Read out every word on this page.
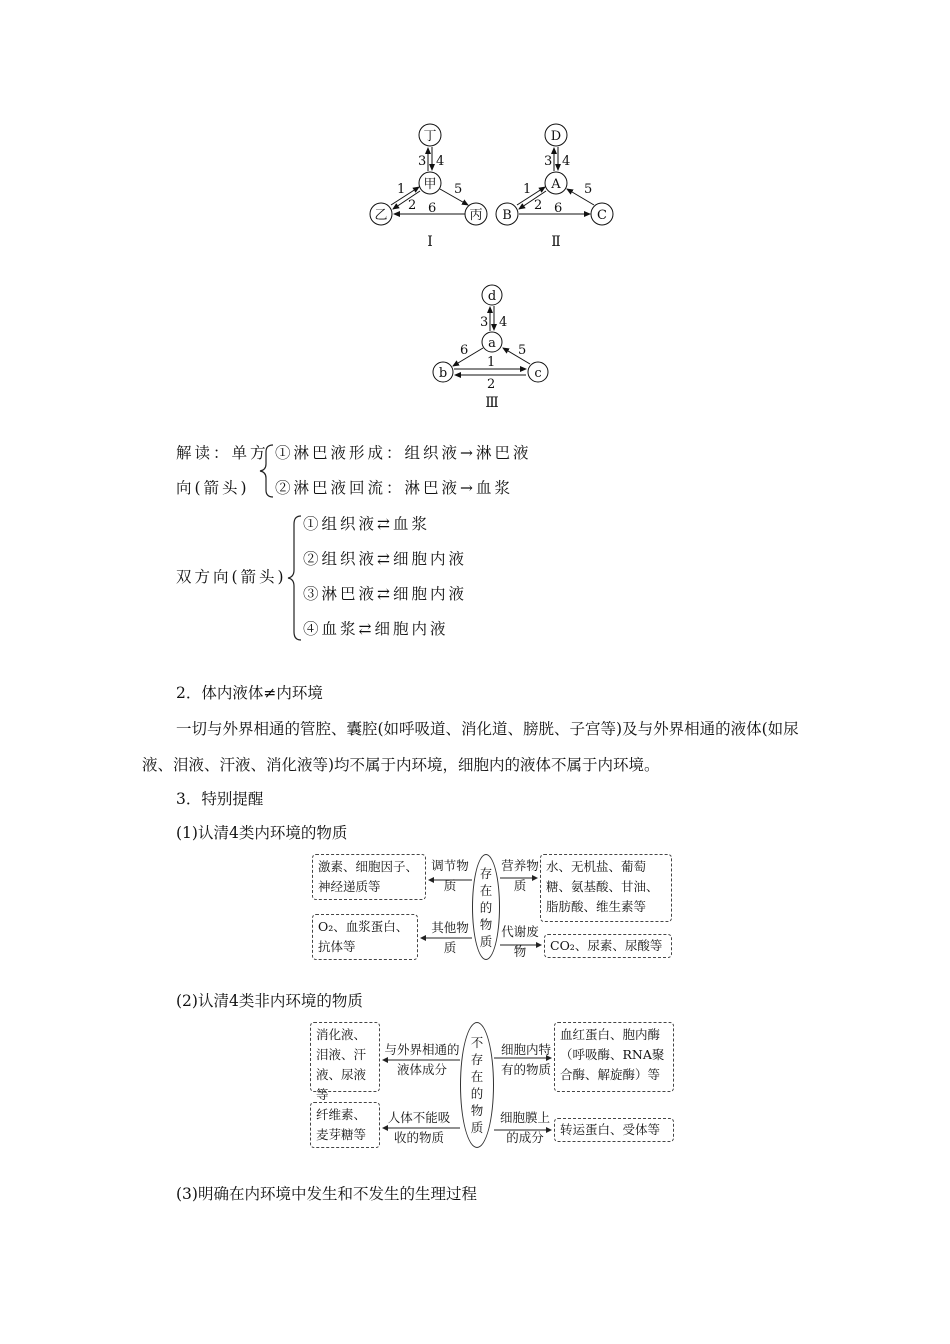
丁
甲
乙	丙
3 4
1
2
5
6
Ⅰ
D
A
B	C
3 4
1
2
5
6
Ⅱ
d
a
b	c
3 4
6	5
1
2
Ⅲ
解读：单方
向(箭头)
①淋巴液形成：组织液→淋巴液
②淋巴液回流：淋巴液→血浆
双方向(箭头)
①组织液⇄血浆
②组织液⇄细胞内液
③淋巴液⇄细胞内液
④血浆⇄细胞内液
2．体内液体≠内环境
一切与外界相通的管腔、囊腔(如呼吸道、消化道、膀胱、子宫等)及与外界相通的液体(如尿液、泪液、汗液、消化液等)均不属于内环境，细胞内的液体不属于内环境。
3．特别提醒
(1)认清4类内环境的物质
激素、细胞因子、神经递质等
水、无机盐、葡萄糖、氨基酸、甘油、脂肪酸、维生素等
O₂、血浆蛋白、抗体等	CO₂、尿素、尿酸等
存在的物质
调节物质
营养物质
其他物质
代谢废物
(2)认清4类非内环境的物质
消化液、泪液、汗液、尿液等
血红蛋白、胞内酶（呼吸酶、RNA聚合酶、解旋酶）等
纤维素、麦芽糖等	转运蛋白、受体等
不存在的物质
与外界相通的液体成分
细胞内特有的物质
人体不能吸收的物质
细胞膜上的成分
(3)明确在内环境中发生和不发生的生理过程
